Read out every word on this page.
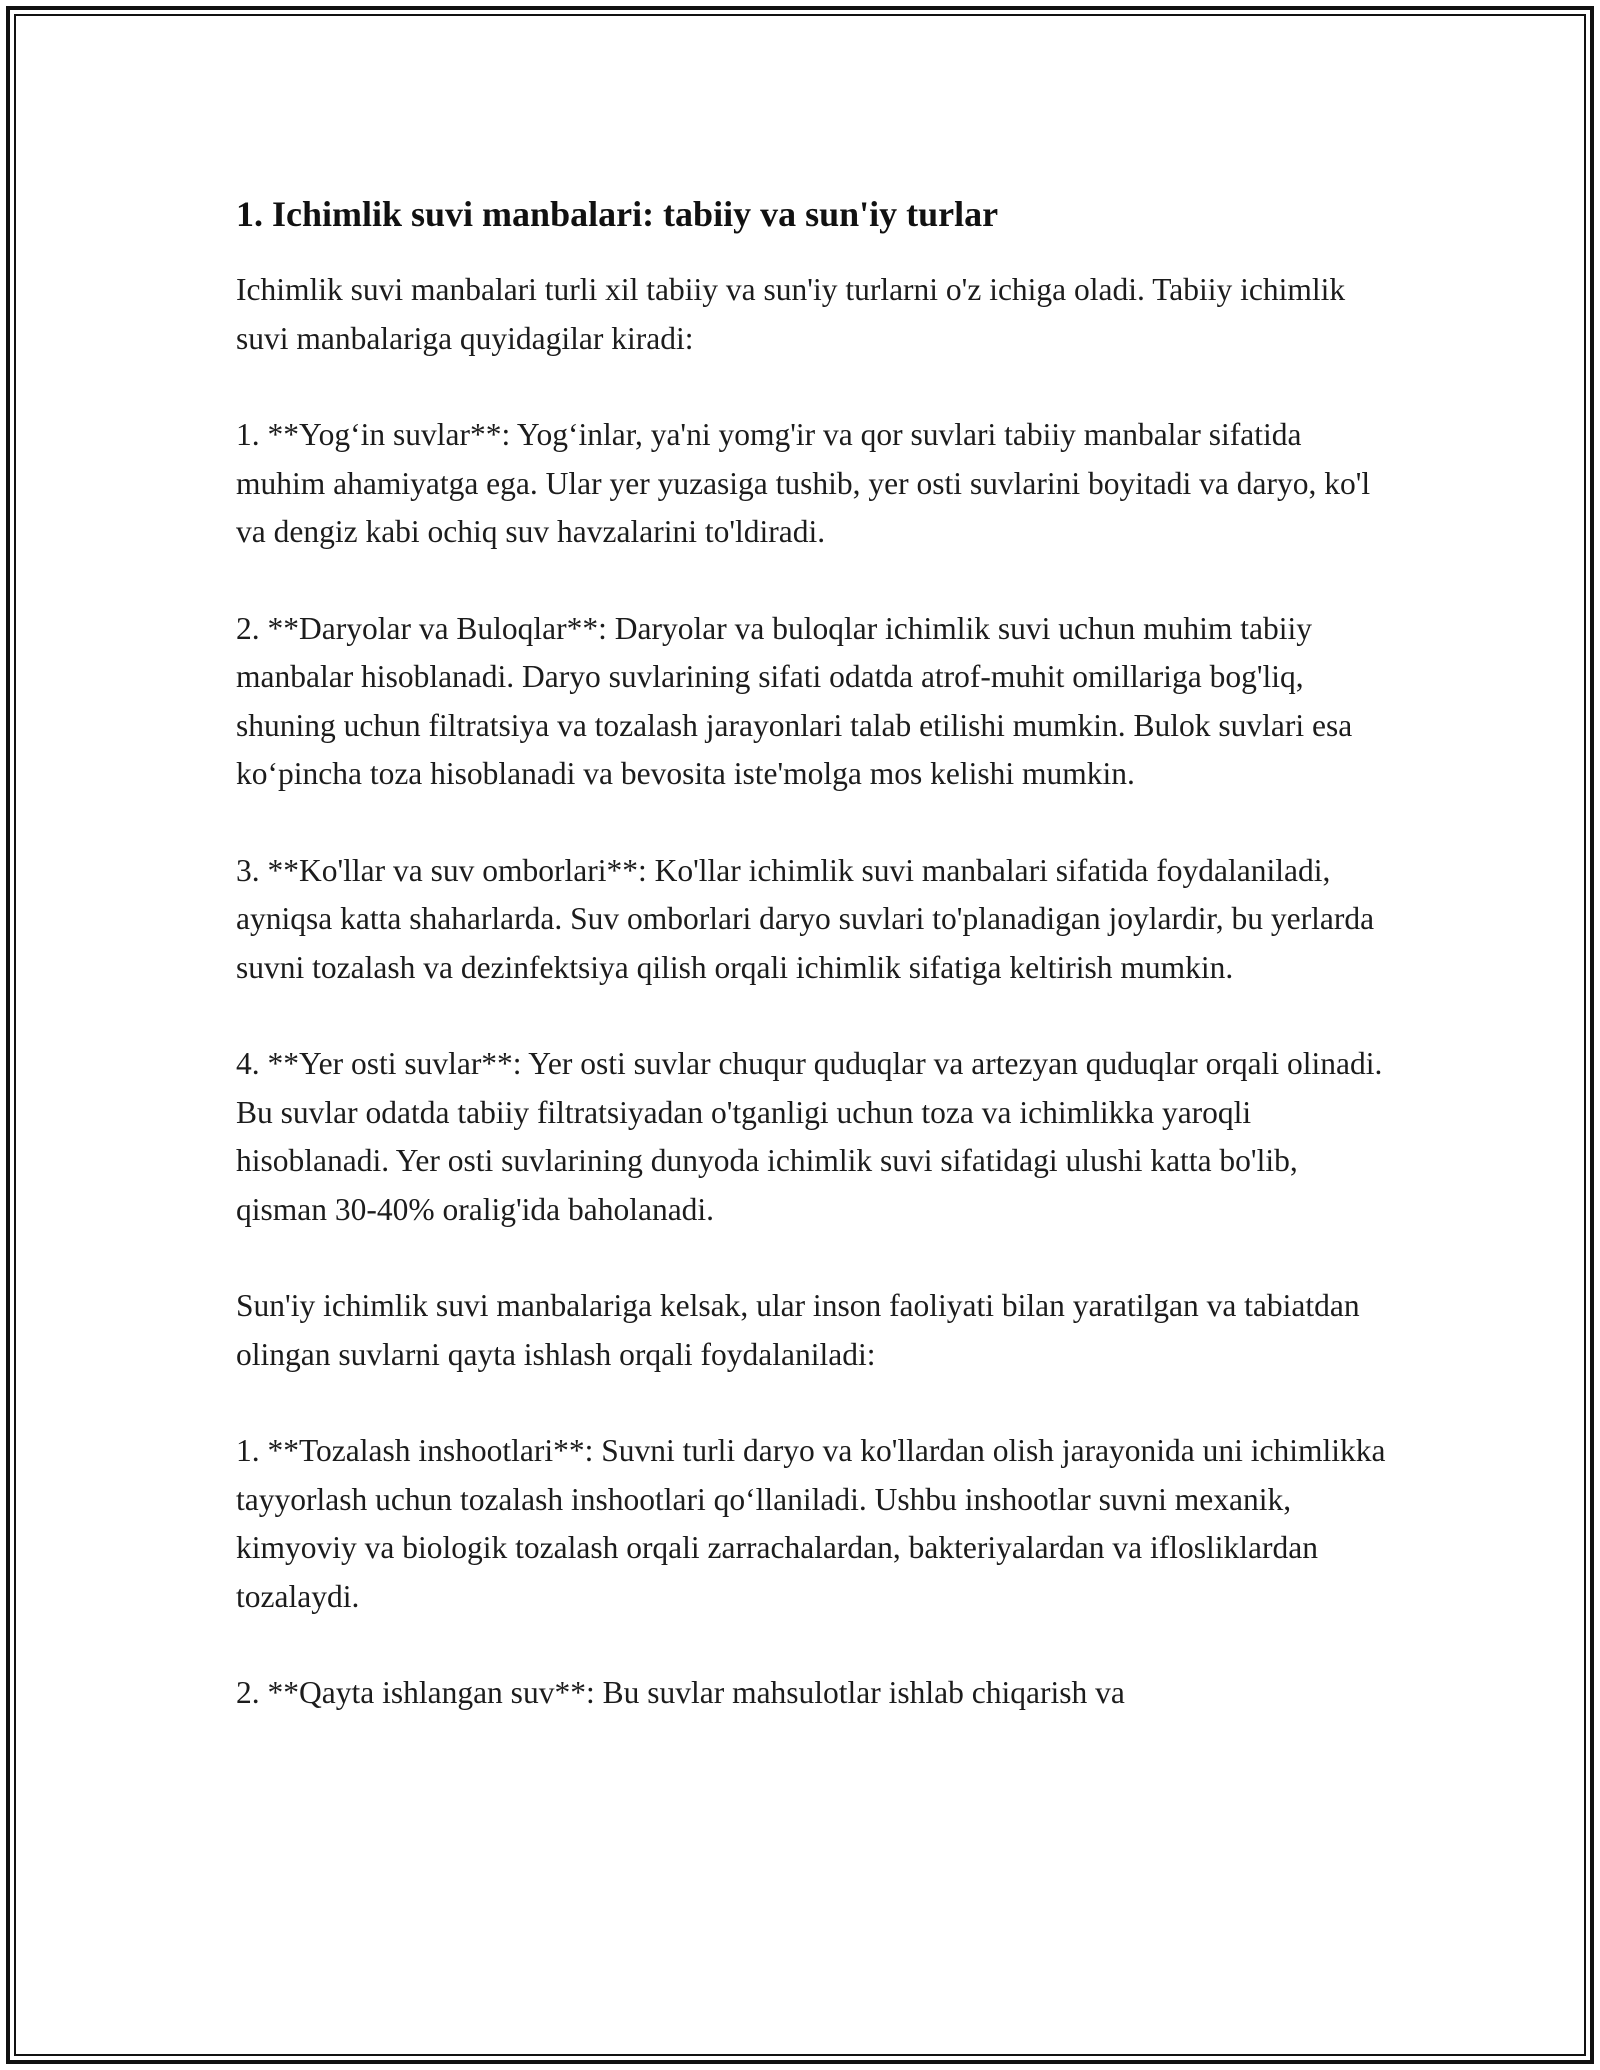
1. Ichimlik suvi manbalari: tabiiy va sun'iy turlar

Ichimlik suvi manbalari turli xil tabiiy va sun'iy turlarni o'z ichiga oladi. Tabiiy ichimlik suvi manbalariga quyidagilar kiradi:

1. **Yog‘in suvlar**: Yog‘inlar, ya'ni yomg'ir va qor suvlari tabiiy manbalar sifatida muhim ahamiyatga ega. Ular yer yuzasiga tushib, yer osti suvlarini boyitadi va daryo, ko'l va dengiz kabi ochiq suv havzalarini to'ldiradi.

2. **Daryolar va Buloqlar**: Daryolar va buloqlar ichimlik suvi uchun muhim tabiiy manbalar hisoblanadi. Daryo suvlarining sifati odatda atrof-muhit omillariga bog'liq, shuning uchun filtratsiya va tozalash jarayonlari talab etilishi mumkin. Bulok suvlari esa ko‘pincha toza hisoblanadi va bevosita iste'molga mos kelishi mumkin.

3. **Ko'llar va suv omborlari**: Ko'llar ichimlik suvi manbalari sifatida foydalaniladi, ayniqsa katta shaharlarda. Suv omborlari daryo suvlari to'planadigan joylardir, bu yerlarda suvni tozalash va dezinfektsiya qilish orqali ichimlik sifatiga keltirish mumkin.

4. **Yer osti suvlar**: Yer osti suvlar chuqur quduqlar va artezyan quduqlar orqali olinadi. Bu suvlar odatda tabiiy filtratsiyadan o'tganligi uchun toza va ichimlikka yaroqli hisoblanadi. Yer osti suvlarining dunyoda ichimlik suvi sifatidagi ulushi katta bo'lib, qisman 30-40% oralig'ida baholanadi.

Sun'iy ichimlik suvi manbalariga kelsak, ular inson faoliyati bilan yaratilgan va tabiatdan olingan suvlarni qayta ishlash orqali foydalaniladi:

1. **Tozalash inshootlari**: Suvni turli daryo va ko'llardan olish jarayonida uni ichimlikka tayyorlash uchun tozalash inshootlari qo‘llaniladi. Ushbu inshootlar suvni mexanik, kimyoviy va biologik tozalash orqali zarrachalardan, bakteriyalardan va iflosliklardan tozalaydi.

2. **Qayta ishlangan suv**: Bu suvlar mahsulotlar ishlab chiqarish va
